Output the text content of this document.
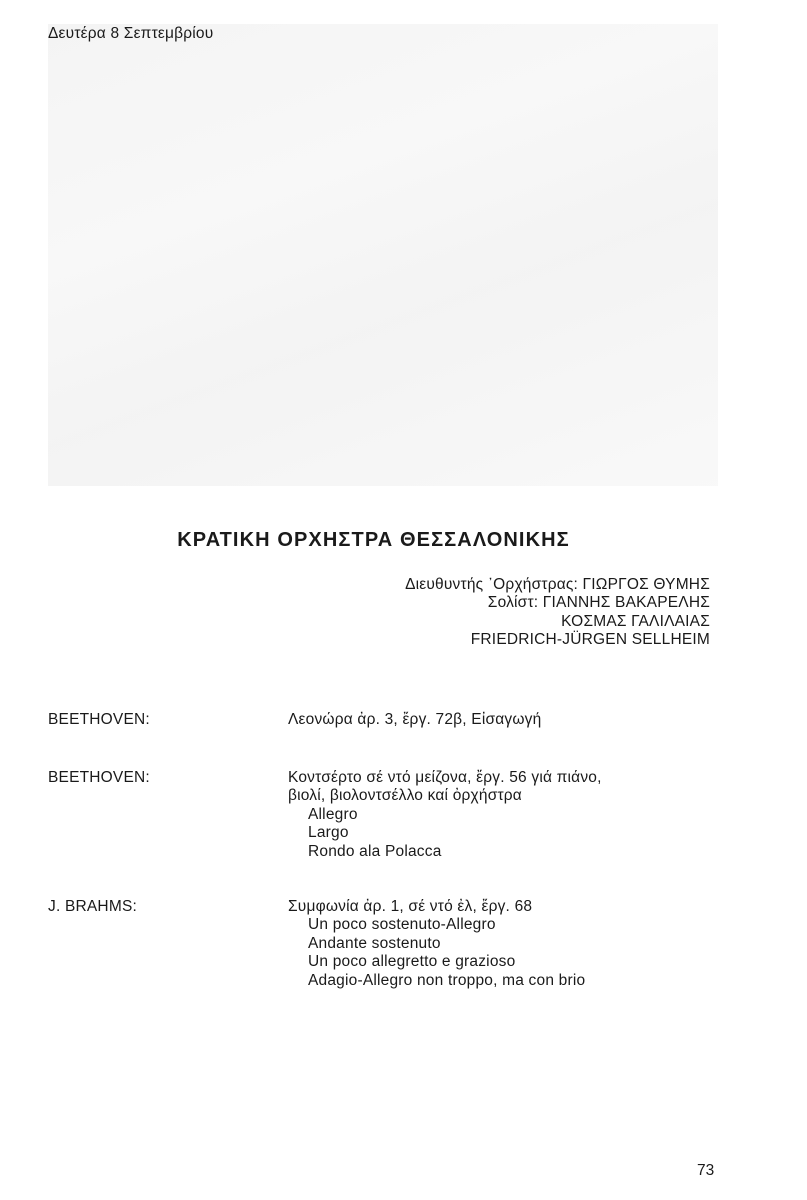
Δευτέρα 8 Σεπτεμβρίου
ΚΡΑΤΙΚΗ ΟΡΧΗΣΤΡΑ ΘΕΣΣΑΛΟΝΙΚΗΣ
Διευθυντής ᾿Ορχήστρας: ΓΙΩΡΓΟΣ ΘΥΜΗΣ
Σολίστ: ΓΙΑΝΝΗΣ ΒΑΚΑΡΕΛΗΣ
ΚΟΣΜΑΣ ΓΑΛΙΛΑΙΑΣ
FRIEDRICH-JÜRGEN SELLHEIM
BEETHOVEN:	Λεονώρα ἀρ. 3, ἔργ. 72β, Εἰσαγωγή
BEETHOVEN:	Κοντσέρτο σέ ντό μείζονα, ἔργ. 56 γιά πιάνο,
βιολί, βιολοντσέλλο καί ὀρχήστρα
Allegro
Largo
Rondo ala Polacca
J. BRAHMS:	Συμφωνία ἀρ. 1, σέ ντό ἐλ, ἔργ. 68
Un poco sostenuto-Allegro
Andante sostenuto
Un poco allegretto e grazioso
Adagio-Allegro non troppo, ma con brio
73
